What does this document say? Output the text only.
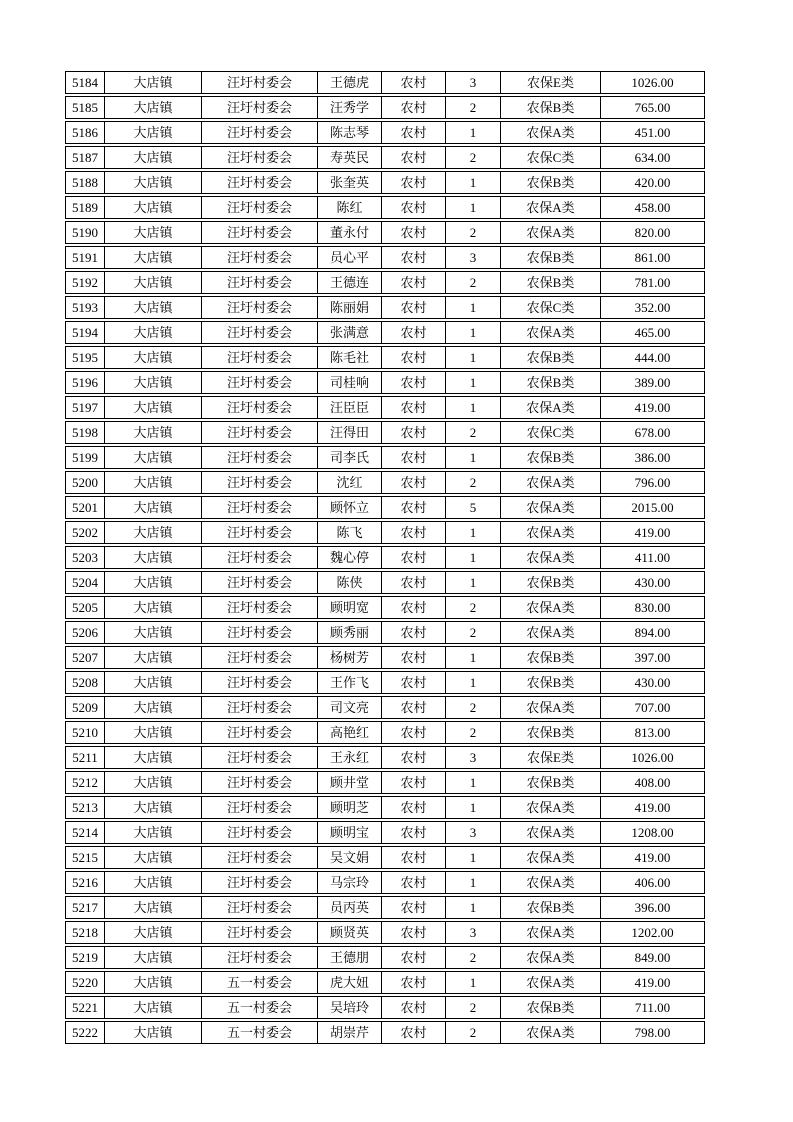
5184	大店镇	汪圩村委会	王德虎	农村	3	农保E类	1026.00
5185	大店镇	汪圩村委会	汪秀学	农村	2	农保B类	765.00
5186	大店镇	汪圩村委会	陈志琴	农村	1	农保A类	451.00
5187	大店镇	汪圩村委会	寿英民	农村	2	农保C类	634.00
5188	大店镇	汪圩村委会	张奎英	农村	1	农保B类	420.00
5189	大店镇	汪圩村委会	陈红	农村	1	农保A类	458.00
5190	大店镇	汪圩村委会	董永付	农村	2	农保A类	820.00
5191	大店镇	汪圩村委会	员心平	农村	3	农保B类	861.00
5192	大店镇	汪圩村委会	王德连	农村	2	农保B类	781.00
5193	大店镇	汪圩村委会	陈丽娟	农村	1	农保C类	352.00
5194	大店镇	汪圩村委会	张满意	农村	1	农保A类	465.00
5195	大店镇	汪圩村委会	陈毛社	农村	1	农保B类	444.00
5196	大店镇	汪圩村委会	司桂响	农村	1	农保B类	389.00
5197	大店镇	汪圩村委会	汪臣臣	农村	1	农保A类	419.00
5198	大店镇	汪圩村委会	汪得田	农村	2	农保C类	678.00
5199	大店镇	汪圩村委会	司李氏	农村	1	农保B类	386.00
5200	大店镇	汪圩村委会	沈红	农村	2	农保A类	796.00
5201	大店镇	汪圩村委会	顾怀立	农村	5	农保A类	2015.00
5202	大店镇	汪圩村委会	陈飞	农村	1	农保A类	419.00
5203	大店镇	汪圩村委会	魏心停	农村	1	农保A类	411.00
5204	大店镇	汪圩村委会	陈侠	农村	1	农保B类	430.00
5205	大店镇	汪圩村委会	顾明宽	农村	2	农保A类	830.00
5206	大店镇	汪圩村委会	顾秀丽	农村	2	农保A类	894.00
5207	大店镇	汪圩村委会	杨树芳	农村	1	农保B类	397.00
5208	大店镇	汪圩村委会	王作飞	农村	1	农保B类	430.00
5209	大店镇	汪圩村委会	司文亮	农村	2	农保A类	707.00
5210	大店镇	汪圩村委会	高艳红	农村	2	农保B类	813.00
5211	大店镇	汪圩村委会	王永红	农村	3	农保E类	1026.00
5212	大店镇	汪圩村委会	顾井堂	农村	1	农保B类	408.00
5213	大店镇	汪圩村委会	顾明芝	农村	1	农保A类	419.00
5214	大店镇	汪圩村委会	顾明宝	农村	3	农保A类	1208.00
5215	大店镇	汪圩村委会	吴文娟	农村	1	农保A类	419.00
5216	大店镇	汪圩村委会	马宗玲	农村	1	农保A类	406.00
5217	大店镇	汪圩村委会	员丙英	农村	1	农保B类	396.00
5218	大店镇	汪圩村委会	顾贤英	农村	3	农保A类	1202.00
5219	大店镇	汪圩村委会	王德朋	农村	2	农保A类	849.00
5220	大店镇	五一村委会	虎大妞	农村	1	农保A类	419.00
5221	大店镇	五一村委会	吴培玲	农村	2	农保B类	711.00
5222	大店镇	五一村委会	胡崇芹	农村	2	农保A类	798.00
